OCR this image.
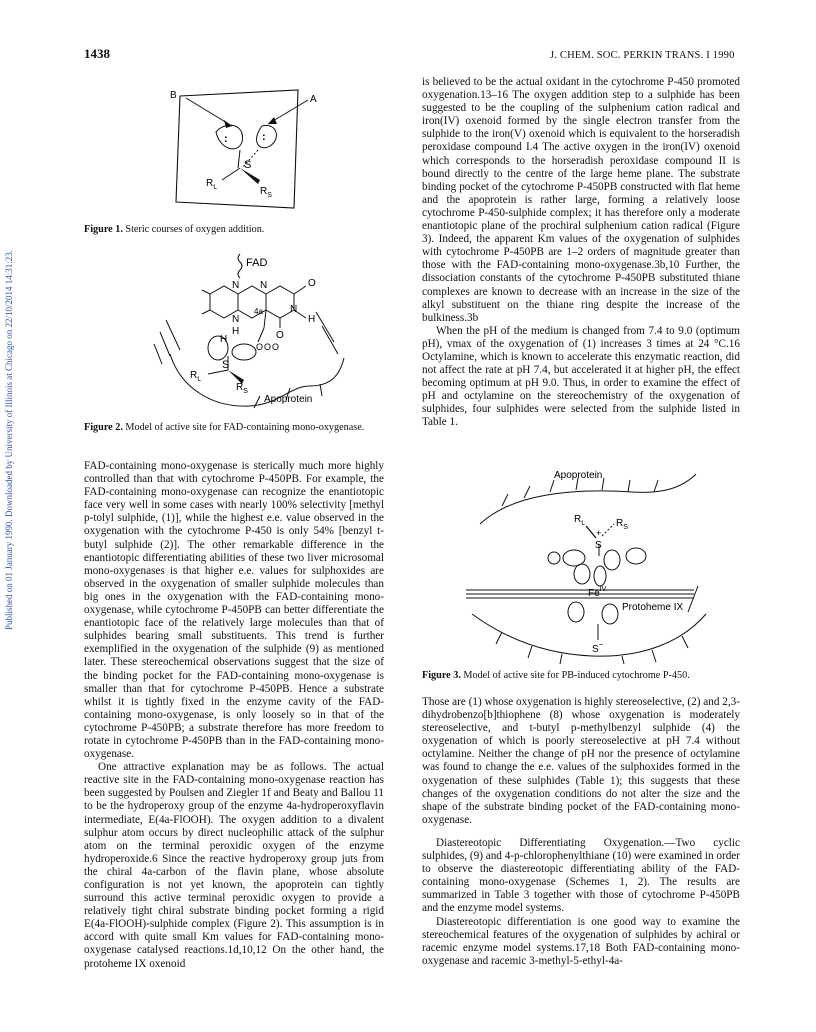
1438	J. CHEM. SOC. PERKIN TRANS. I 1990
Published on 01 January 1990. Downloaded by University of Illinois at Chicago on 22/10/2014 14:31:23.
B	A
:	:
S
$R_L$	$R_S$
Figure 1. Steric courses of oxygen addition.
FAD
N N	O
4a	N
N	H
H	O
H
O O O
S
$R_L$
$R_S$
Apoprotein
Figure 2. Model of active site for FAD-containing mono-oxygenase.

FAD-containing mono-oxygenase is sterically much more highly controlled than that with cytochrome P-450PB. For example, the FAD-containing mono-oxygenase can recognize the enantiotopic face very well in some cases with nearly 100% selectivity [methyl p-tolyl sulphide, (1)], while the highest e.e. value observed in the oxygenation with the cytochrome P-450 is only 54% [benzyl t-butyl sulphide (2)]. The other remarkable difference in the enantiotopic differentiating abilities of these two liver microsomal mono-oxygenases is that higher e.e. values for sulphoxides are observed in the oxygenation of smaller sulphide molecules than big ones in the oxygenation with the FAD-containing mono-oxygenase, while cytochrome P-450PB can better differentiate the enantiotopic face of the relatively large molecules than that of sulphides bearing small substituents. This trend is further exemplified in the oxygenation of the sulphide (9) as mentioned later. These stereochemical observations suggest that the size of the binding pocket for the FAD-containing mono-oxygenase is smaller than that for cytochrome P-450PB. Hence a substrate whilst it is tightly fixed in the enzyme cavity of the FAD-containing mono-oxygenase, is only loosely so in that of the cytochrome P-450PB; a substrate therefore has more freedom to rotate in cytochrome P-450PB than in the FAD-containing mono-oxygenase.

One attractive explanation may be as follows. The actual reactive site in the FAD-containing mono-oxygenase reaction has been suggested by Poulsen and Ziegler 1f and Beaty and Ballou 11 to be the hydroperoxy group of the enzyme 4a-hydroperoxyflavin intermediate, E(4a-FlOOH). The oxygen addition to a divalent sulphur atom occurs by direct nucleophilic attack of the sulphur atom on the terminal peroxidic oxygen of the enzyme hydroperoxide.6 Since the reactive hydroperoxy group juts from the chiral 4a-carbon of the flavin plane, whose absolute configuration is not yet known, the apoprotein can tightly surround this active terminal peroxidic oxygen to provide a relatively tight chiral substrate binding pocket forming a rigid E(4a-FlOOH)-sulphide complex (Figure 2). This assumption is in accord with quite small Km values for FAD-containing mono-oxygenase catalysed reactions.1d,10,12 On the other hand, the protoheme IX oxenoid

is believed to be the actual oxidant in the cytochrome P-450 promoted oxygenation.13–16 The oxygen addition step to a sulphide has been suggested to be the coupling of the sulphenium cation radical and iron(IV) oxenoid formed by the single electron transfer from the sulphide to the iron(V) oxenoid which is equivalent to the horseradish peroxidase compound I.4 The active oxygen in the iron(IV) oxenoid which corresponds to the horseradish peroxidase compound II is bound directly to the centre of the large heme plane. The substrate binding pocket of the cytochrome P-450PB constructed with flat heme and the apoprotein is rather large, forming a relatively loose cytochrome P-450-sulphide complex; it has therefore only a moderate enantiotopic plane of the prochiral sulphenium cation radical (Figure 3). Indeed, the apparent Km values of the oxygenation of sulphides with cytochrome P-450PB are 1–2 orders of magnitude greater than those with the FAD-containing mono-oxygenase.3b,10 Further, the dissociation constants of the cytochrome P-450PB substituted thiane complexes are known to decrease with an increase in the size of the alkyl substituent on the thiane ring despite the increase of the bulkiness.3b

When the pH of the medium is changed from 7.4 to 9.0 (optimum pH), vmax of the oxygenation of (1) increases 3 times at 24 °C.16 Octylamine, which is known to accelerate this enzymatic reaction, did not affect the rate at pH 7.4, but accelerated it at higher pH, the effect becoming optimum at pH 9.0. Thus, in order to examine the effect of pH and octylamine on the stereochemistry of the oxygenation of sulphides, four sulphides were selected from the sulphide listed in Table 1.

Apoprotein
$R_L$	$R_S$
+
S
$Fe^{IV}$
Protoheme IX
S−
Figure 3. Model of active site for PB-induced cytochrome P-450.

Those are (1) whose oxygenation is highly stereoselective, (2) and 2,3-dihydrobenzo[b]thiophene (8) whose oxygenation is moderately stereoselective, and t-butyl p-methylbenzyl sulphide (4) the oxygenation of which is poorly stereoselective at pH 7.4 without octylamine. Neither the change of pH nor the presence of octylamine was found to change the e.e. values of the sulphoxides formed in the oxygenation of these sulphides (Table 1); this suggests that these changes of the oxygenation conditions do not alter the size and the shape of the substrate binding pocket of the FAD-containing mono-oxygenase.

Diastereotopic Differentiating Oxygenation.—Two cyclic sulphides, (9) and 4-p-chlorophenylthiane (10) were examined in order to observe the diastereotopic differentiating ability of the FAD-containing mono-oxygenase (Schemes 1, 2). The results are summarized in Table 3 together with those of cytochrome P-450PB and the enzyme model systems.

Diastereotopic differentiation is one good way to examine the stereochemical features of the oxygenation of sulphides by achiral or racemic enzyme model systems.17,18 Both FAD-containing mono-oxygenase and racemic 3-methyl-5-ethyl-4a-
